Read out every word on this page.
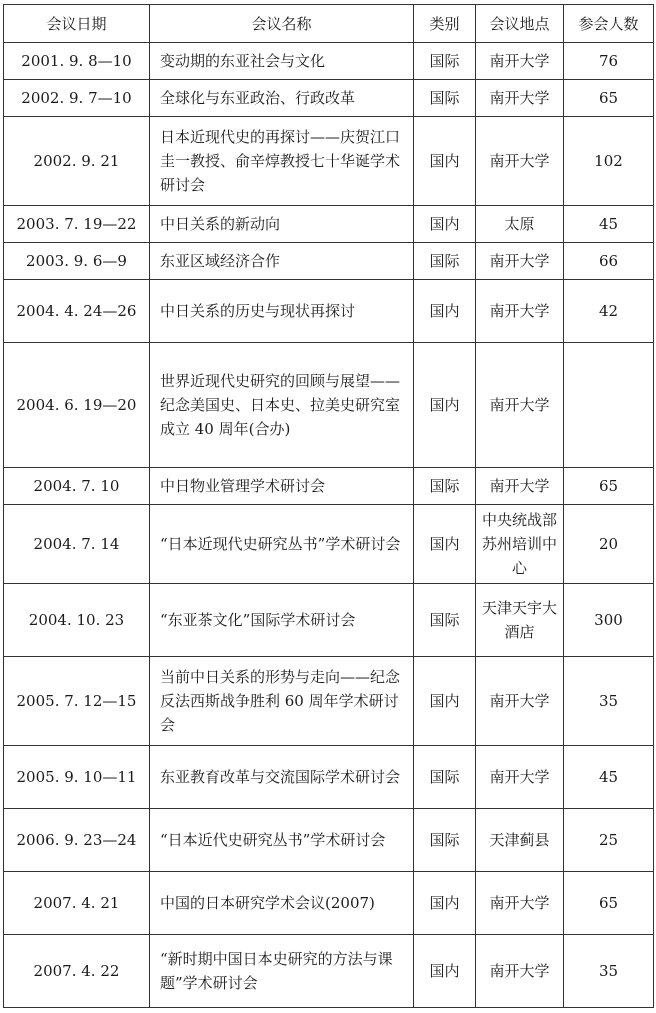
会议日期	会议名称	类别	会议地点	参会人数
2001. 9. 8—10	变动期的东亚社会与文化	国际	南开大学	76
2002. 9. 7—10	全球化与东亚政治、行政改革	国际	南开大学	65
2002. 9. 21	日本近现代史的再探讨——庆贺江口圭一教授、俞辛焞教授七十华诞学术研讨会	国内	南开大学	102
2003. 7. 19—22	中日关系的新动向	国内	太原	45
2003. 9. 6—9	东亚区域经济合作	国际	南开大学	66
2004. 4. 24—26	中日关系的历史与现状再探讨	国内	南开大学	42
2004. 6. 19—20	世界近现代史研究的回顾与展望——纪念美国史、日本史、拉美史研究室成立 40 周年(合办)	国内	南开大学	
2004. 7. 10	中日物业管理学术研讨会	国际	南开大学	65
2004. 7. 14	“日本近现代史研究丛书”学术研讨会	国内	中央统战部苏州培训中心	20
2004. 10. 23	“东亚茶文化”国际学术研讨会	国际	天津天宇大酒店	300
2005. 7. 12—15	当前中日关系的形势与走向——纪念反法西斯战争胜利 60 周年学术研讨会	国内	南开大学	35
2005. 9. 10—11	东亚教育改革与交流国际学术研讨会	国际	南开大学	45
2006. 9. 23—24	“日本近代史研究丛书”学术研讨会	国际	天津蓟县	25
2007. 4. 21	中国的日本研究学术会议(2007)	国内	南开大学	65
2007. 4. 22	“新时期中国日本史研究的方法与课题”学术研讨会	国内	南开大学	35
